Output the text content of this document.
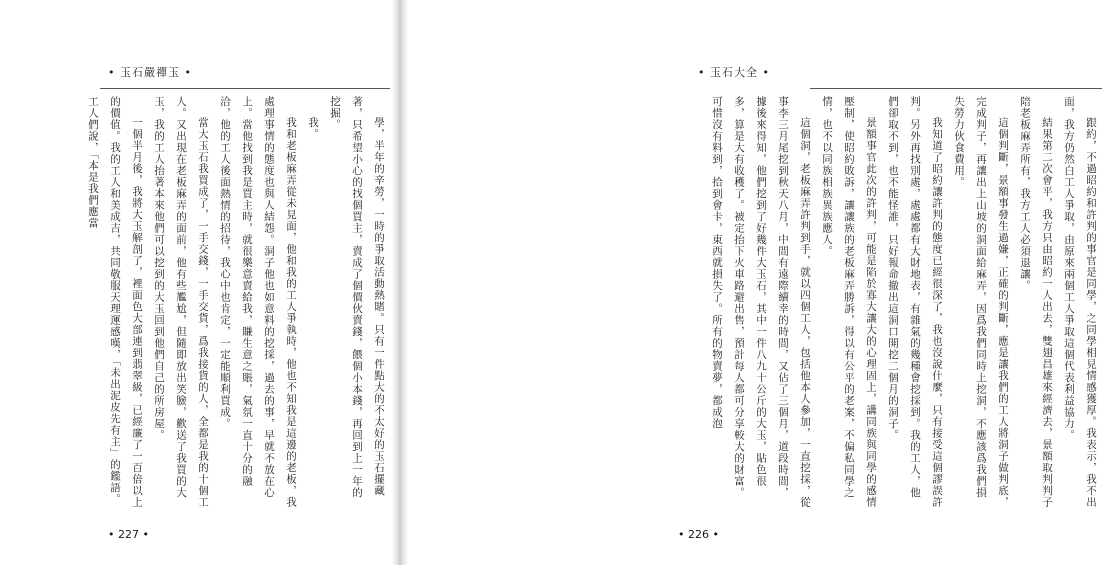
• 玉石嚴禪玉 •

學，半年的辛勞，一時的爭取活動熱賭。只有一件點大的不太好的玉石擺藏著，只希望小心的找個買主，賣成了個價伙賣錢，餵個小本錢，再回到上一年的挖掘。

我。

我和老板麻弄從未見面，他和我的工人爭執時，他也不知我是這邊的老板，我處理事情的態度也與人結怨。洞子他也如意料的挖採，過去的事，早就不放在心上。當他找到我是買主時，就很樂意賣給我，賺生意之賬，氣氛一直十分的融洽，他的工人後面熱情的招待，我心中也肯定，一定能順利買成。

當大玉石我買成了，一手交錢，一手交貨，爲我接貨的人，全都是我的十個工人。又出現在老板麻弄的面前，他有些尷尬，但隨即放出笑臉，歡送了我買的大玉，我的工人抬著本來他們可以挖到的大玉回到他們自己的所房屋。

一個半月後，我將大玉解剖了，裡面色大部連到翡翠級，已經廉了一百倍以上的價值。我的工人和美成吉，共同敬服天理運感嘆，「未出泥皮先有主」的鑑語。工人們說，「本是我們應當

• 227 •
• 玉石大全 •

跟約，不過昭約和許判的事官是同學，之同學相見情感獲厚。我表示，我不出面，我方仍然白工人爭取，由原來兩個工人爭取這個代表利益協力。

結果第二次會平，我方只由昭約一人出去，雙翅昌雄來經濟去，景額取判判子陪老板麻弄所有，我方工人必須退讓。

這個判斷，景額事發生過嫌，正確的判斷，應是讓我們的工人將洞子做判底，完成判子，再讓出上山坡的洞面給麻弄，因爲我們同時上挖洞，不應該爲我們損失勞力伙食費用。

我知道了昭約讓許判的態度已經很深了，我也沒說什麼，只有接受這個謬誤許判。另外再找別處，處處都有大財地表，有雜氣的幾種會挖採到。我的工人，他們卻取不到，也不能怪誰，只好報命撤出這洞口開挖二個月的洞子。

景額事官此次的許判，可能是陷於寡大讓大的心理固上，講同族與同學的感情壓制，使昭約敗訴，讓讓族的老板麻弄勝訴，得以有公平的老案，不偏私同學之情，也不以同族相族異族應人。

這個洞，老板麻弄許判到手，就以四個工人，包括他本人參加，一直挖採，從事李三月尾挖到秋天八月，中間有遠際續幸的時間，又佔了三個月，道段時間，據後來得知，他們挖到了好幾件大玉石，其中一件八九十公斤的大玉，貼色很多，算是大有收穫了。被定抬下火車路避出售，預計每人都可分享較大的財富。可惜沒有料到，拾到會卡，東西就損失了。所有的物賣夢，都成泡

• 226 •
